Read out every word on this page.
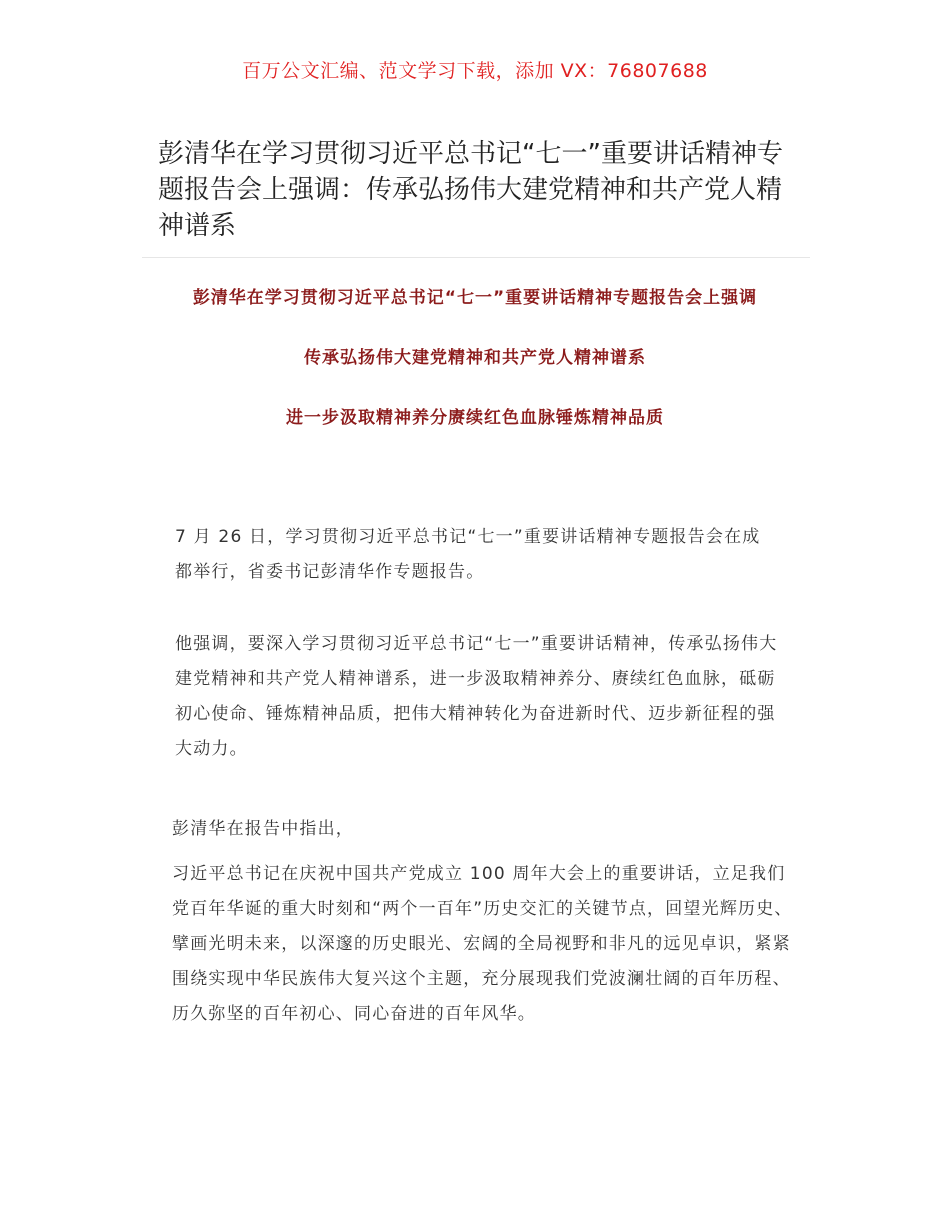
百万公文汇编、范文学习下载，添加 VX：76807688
彭清华在学习贯彻习近平总书记“七一”重要讲话精神专题报告会上强调：传承弘扬伟大建党精神和共产党人精神谱系

彭清华在学习贯彻习近平总书记“七一”重要讲话精神专题报告会上强调

传承弘扬伟大建党精神和共产党人精神谱系

进一步汲取精神养分赓续红色血脉锤炼精神品质

7 月 26 日，学习贯彻习近平总书记“七一”重要讲话精神专题报告会在成都举行，省委书记彭清华作专题报告。

他强调，要深入学习贯彻习近平总书记“七一”重要讲话精神，传承弘扬伟大建党精神和共产党人精神谱系，进一步汲取精神养分、赓续红色血脉，砥砺初心使命、锤炼精神品质，把伟大精神转化为奋进新时代、迈步新征程的强大动力。

彭清华在报告中指出，

习近平总书记在庆祝中国共产党成立 100 周年大会上的重要讲话，立足我们党百年华诞的重大时刻和“两个一百年”历史交汇的关键节点，回望光辉历史、擘画光明未来，以深邃的历史眼光、宏阔的全局视野和非凡的远见卓识，紧紧围绕实现中华民族伟大复兴这个主题，充分展现我们党波澜壮阔的百年历程、历久弥坚的百年初心、同心奋进的百年风华。
